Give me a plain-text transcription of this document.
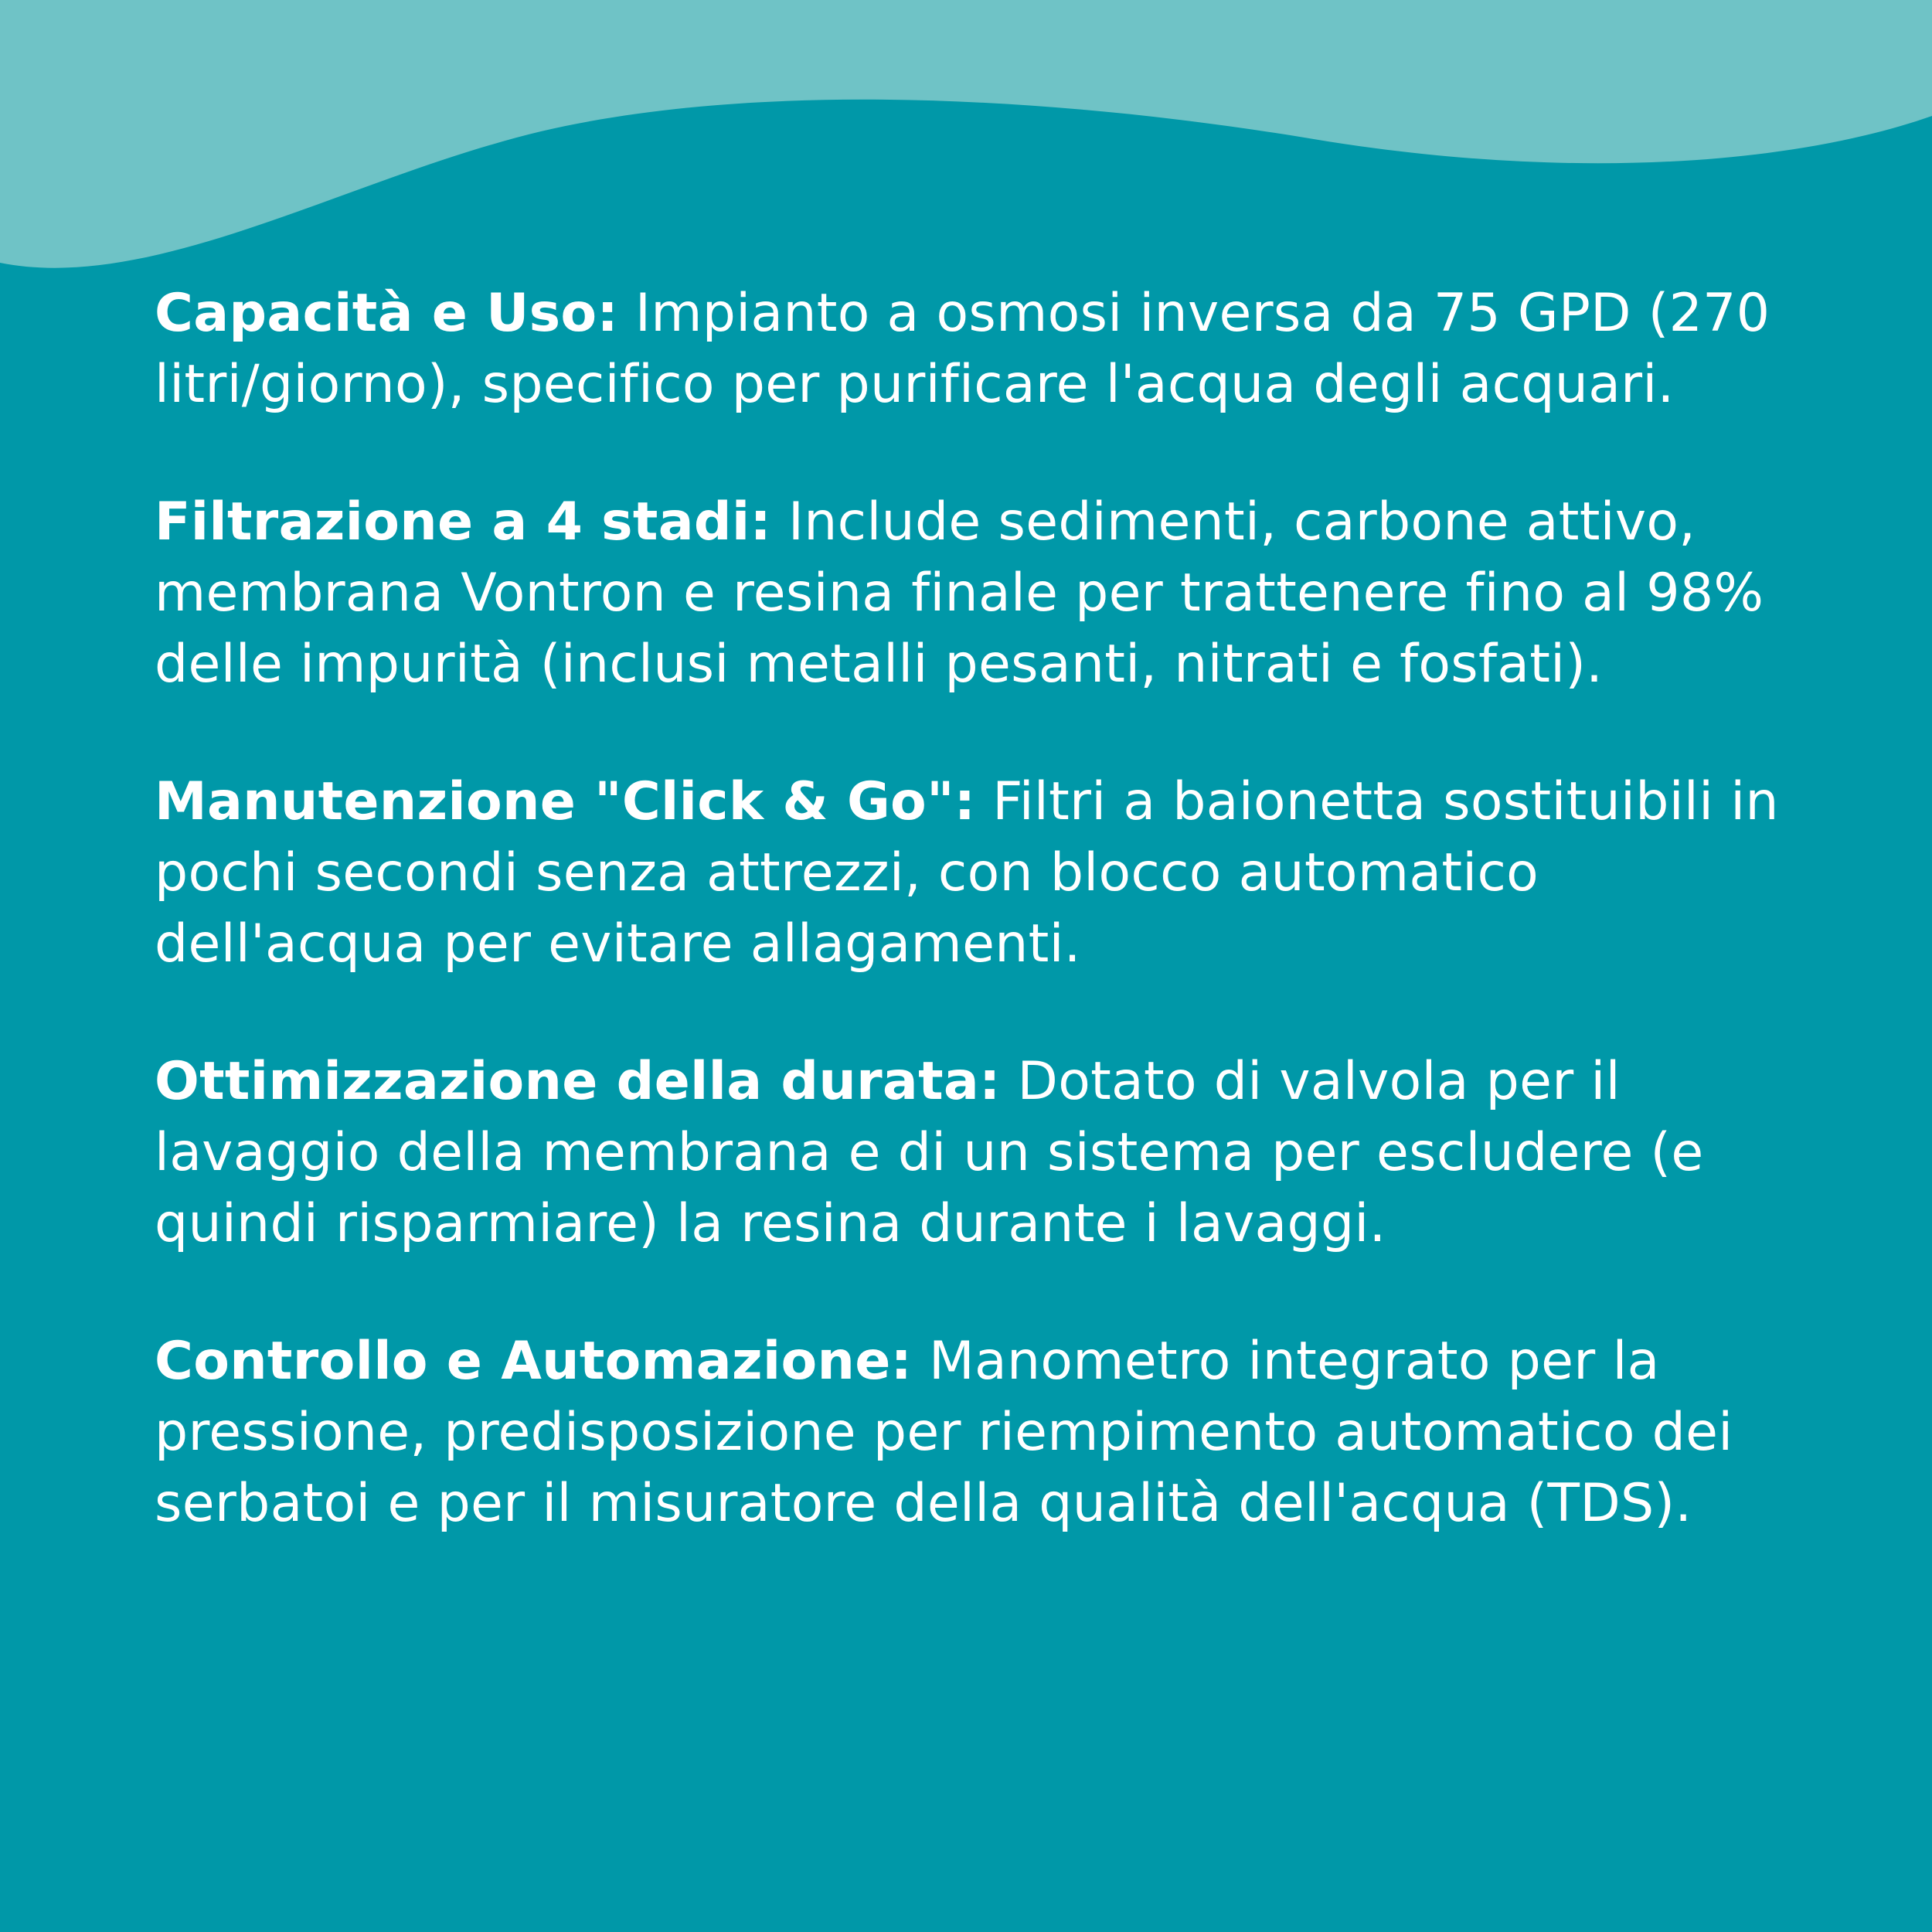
Capacità e Uso: Impianto a osmosi inversa da 75 GPD (270 litri/giorno), specifico per purificare l'acqua degli acquari.

Filtrazione a 4 stadi: Include sedimenti, carbone attivo, membrana Vontron e resina finale per trattenere fino al 98% delle impurità (inclusi metalli pesanti, nitrati e fosfati).

Manutenzione "Click & Go": Filtri a baionetta sostituibili in pochi secondi senza attrezzi, con blocco automatico dell'acqua per evitare allagamenti.

Ottimizzazione della durata: Dotato di valvola per il lavaggio della membrana e di un sistema per escludere (e quindi risparmiare) la resina durante i lavaggi.

Controllo e Automazione: Manometro integrato per la pressione, predisposizione per riempimento automatico dei serbatoi e per il misuratore della qualità dell'acqua (TDS).
